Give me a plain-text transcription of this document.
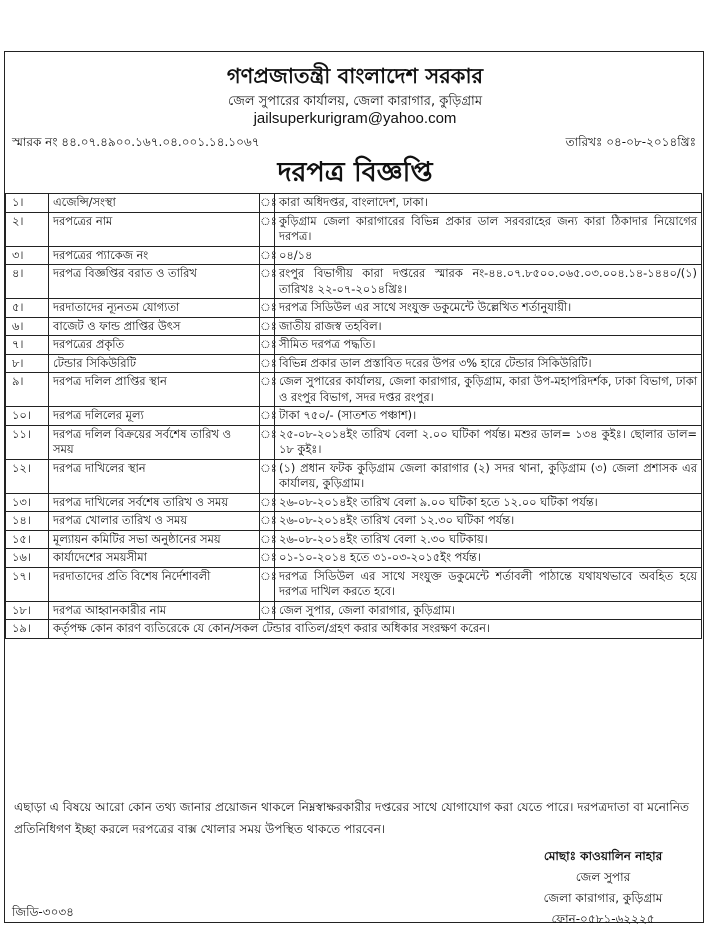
গণপ্রজাতন্ত্রী বাংলাদেশ সরকার
জেল সুপারের কার্যালয়, জেলা কারাগার, কুড়িগ্রাম
jailsuperkurigram@yahoo.com
স্মারক নং ৪৪.০৭.৪৯০০.১৬৭.০৪.০০১.১৪.১০৬৭	তারিখঃ ০৪-০৮-২০১৪খ্রিঃ
দরপত্র বিজ্ঞপ্তি
১।	এজেন্সি/সংস্থা	ঃ	কারা অধিদপ্তর, বাংলাদেশ, ঢাকা।
২।	দরপত্রের নাম	ঃ	কুড়িগ্রাম জেলা কারাগারের বিভিন্ন প্রকার ডাল সরবরাহের জন্য কারা ঠিকাদার নিয়োগের দরপত্র।
৩।	দরপত্রের প্যাকেজ নং	ঃ	০৪/১৪
৪।	দরপত্র বিজ্ঞপ্তির বরাত ও তারিখ	ঃ	রংপুর বিভাগীয় কারা দপ্তরের স্মারক নং-৪৪.০৭.৮৫০০.০৬৫.০৩.০০৪.১৪-১৪৪০/(১) তারিখঃ ২২-০৭-২০১৪খ্রিঃ।
৫।	দরদাতাদের ন্যূনতম যোগ্যতা	ঃ	দরপত্র সিডিউল এর সাথে সংযুক্ত ডকুমেন্টে উল্লেখিত শর্তানুযায়ী।
৬।	বাজেট ও ফান্ড প্রাপ্তির উৎস	ঃ	জাতীয় রাজস্ব তহবিল।
৭।	দরপত্রের প্রকৃতি	ঃ	সীমিত দরপত্র পদ্ধতি।
৮।	টেন্ডার সিকিউরিটি	ঃ	বিভিন্ন প্রকার ডাল প্রস্তাবিত দরের উপর ৩% হারে টেন্ডার সিকিউরিটি।
৯।	দরপত্র দলিল প্রাপ্তির স্থান	ঃ	জেল সুপারের কার্যালয়, জেলা কারাগার, কুড়িগ্রাম, কারা উপ-মহাপরিদর্শক, ঢাকা বিভাগ, ঢাকা ও রংপুর বিভাগ, সদর দপ্তর রংপুর।
১০।	দরপত্র দলিলের মূল্য	ঃ	টাকা ৭৫০/- (সাতশত পঞ্চাশ)।
১১।	দরপত্র দলিল বিক্রয়ের সর্বশেষ তারিখ ও সময়	ঃ	২৫-০৮-২০১৪ইং তারিখ বেলা ২.০০ ঘটিকা পর্যন্ত। মশুর ডাল= ১৩৪ কুইঃ। ছোলার ডাল= ১৮ কুইঃ।
১২।	দরপত্র দাখিলের স্থান	ঃ	(১) প্রধান ফটক কুড়িগ্রাম জেলা কারাগার (২) সদর থানা, কুড়িগ্রাম (৩) জেলা প্রশাসক এর কার্যালয়, কুড়িগ্রাম।
১৩।	দরপত্র দাখিলের সর্বশেষ তারিখ ও সময়	ঃ	২৬-০৮-২০১৪ইং তারিখ বেলা ৯.০০ ঘটিকা হতে ১২.০০ ঘটিকা পর্যন্ত।
১৪।	দরপত্র খোলার তারিখ ও সময়	ঃ	২৬-০৮-২০১৪ইং তারিখ বেলা ১২.৩০ ঘটিকা পর্যন্ত।
১৫।	মূল্যায়ন কমিটির সভা অনুষ্ঠানের সময়	ঃ	২৬-০৮-২০১৪ইং তারিখ বেলা ২.৩০ ঘটিকায়।
১৬।	কার্যাদেশের সময়সীমা	ঃ	০১-১০-২০১৪ হতে ৩১-০৩-২০১৫ইং পর্যন্ত।
১৭।	দরদাতাদের প্রতি বিশেষ নির্দেশাবলী	ঃ	দরপত্র সিডিউল এর সাথে সংযুক্ত ডকুমেন্টে শর্তাবলী পাঠান্তে যথাযথভাবে অবহিত হয়ে দরপত্র দাখিল করতে হবে।
১৮।	দরপত্র আহ্বানকারীর নাম	ঃ	জেল সুপার, জেলা কারাগার, কুড়িগ্রাম।
১৯।	কর্তৃপক্ষ কোন কারণ ব্যতিরেকে যে কোন/সকল টেন্ডার বাতিল/গ্রহণ করার অধিকার সংরক্ষণ করেন।		
এছাড়া এ বিষয়ে আরো কোন তথ্য জানার প্রয়োজন থাকলে নিম্নস্বাক্ষরকারীর দপ্তরের সাথে যোগাযোগ করা যেতে পারে। দরপত্রদাতা বা মনোনিত প্রতিনিধিগণ ইচ্ছা করলে দরপত্রের বাক্স খোলার সময় উপস্থিত থাকতে পারবেন।
মোছাঃ কাওয়ালিন নাহার
জেল সুপার
জেলা কারাগার, কুড়িগ্রাম
ফোন-০৫৮১-৬২২২৫
জিডি-৩০৩৪
